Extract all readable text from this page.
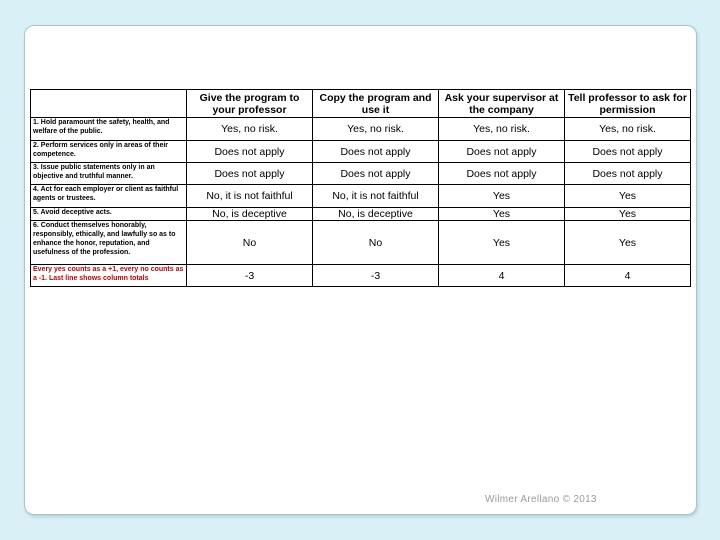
	Give the program to your professor	Copy the program and use it	Ask your supervisor at the company	Tell professor to ask for permission
1. Hold paramount the safety, health, and welfare of the public.	Yes, no risk.	Yes, no risk.	Yes, no risk.	Yes, no risk.
2. Perform services only in areas of their competence.	Does not apply	Does not apply	Does not apply	Does not apply
3. Issue public statements only in an objective and truthful manner.	Does not apply	Does not apply	Does not apply	Does not apply
4. Act for each employer or client as faithful agents or trustees.	No, it is not faithful	No, it is not faithful	Yes	Yes
5. Avoid deceptive acts.	No, is deceptive	No, is deceptive	Yes	Yes
6. Conduct themselves honorably, responsibly, ethically, and lawfully so as to enhance the honor, reputation, and usefulness of the profession.	No	No	Yes	Yes
Every yes counts as a +1, every no counts as a -1. Last line shows column totals	-3	-3	4	4
Wilmer Arellano © 2013
